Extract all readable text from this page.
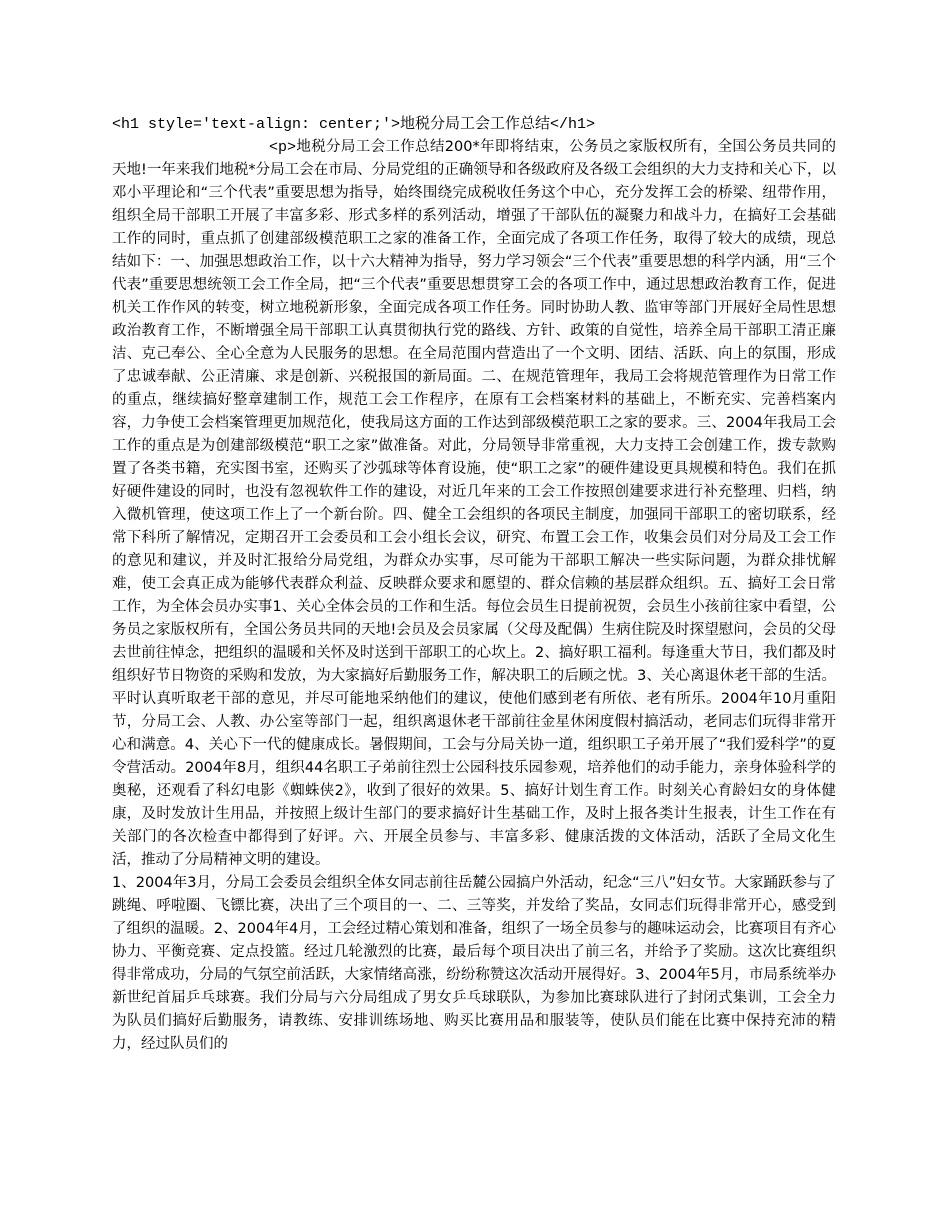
<h1 style='text-align: center;'>地税分局工会工作总结</h1>

<p>地税分局工会工作总结200*年即将结束，公务员之家版权所有，全国公务员共同的天地!一年来我们地税*分局工会在市局、分局党组的正确领导和各级政府及各级工会组织的大力支持和关心下，以邓小平理论和“三个代表”重要思想为指导，始终围绕完成税收任务这个中心，充分发挥工会的桥梁、纽带作用，组织全局干部职工开展了丰富多彩、形式多样的系列活动，增强了干部队伍的凝聚力和战斗力，在搞好工会基础工作的同时，重点抓了创建部级模范职工之家的准备工作，全面完成了各项工作任务，取得了较大的成绩，现总结如下：一、加强思想政治工作，以十六大精神为指导，努力学习领会“三个代表”重要思想的科学内涵，用“三个代表”重要思想统领工会工作全局，把“三个代表”重要思想贯穿工会的各项工作中，通过思想政治教育工作，促进机关工作作风的转变，树立地税新形象，全面完成各项工作任务。同时协助人教、监审等部门开展好全局性思想政治教育工作，不断增强全局干部职工认真贯彻执行党的路线、方针、政策的自觉性，培养全局干部职工清正廉洁、克己奉公、全心全意为人民服务的思想。在全局范围内营造出了一个文明、团结、活跃、向上的氛围，形成了忠诚奉献、公正清廉、求是创新、兴税报国的新局面。二、在规范管理年，我局工会将规范管理作为日常工作的重点，继续搞好整章建制工作，规范工会工作程序，在原有工会档案材料的基础上，不断充实、完善档案内容，力争使工会档案管理更加规范化，使我局这方面的工作达到部级模范职工之家的要求。三、2004年我局工会工作的重点是为创建部级模范“职工之家”做准备。对此，分局领导非常重视，大力支持工会创建工作，拨专款购置了各类书籍，充实图书室，还购买了沙弧球等体育设施，使“职工之家”的硬件建设更具规模和特色。我们在抓好硬件建设的同时，也没有忽视软件工作的建设，对近几年来的工会工作按照创建要求进行补充整理、归档，纳入微机管理，使这项工作上了一个新台阶。四、健全工会组织的各项民主制度，加强同干部职工的密切联系，经常下科所了解情况，定期召开工会委员和工会小组长会议，研究、布置工会工作，收集会员们对分局及工会工作的意见和建议，并及时汇报给分局党组，为群众办实事，尽可能为干部职工解决一些实际问题，为群众排忧解难，使工会真正成为能够代表群众利益、反映群众要求和愿望的、群众信赖的基层群众组织。五、搞好工会日常工作，为全体会员办实事1、关心全体会员的工作和生活。每位会员生日提前祝贺，会员生小孩前往家中看望，公务员之家版权所有，全国公务员共同的天地!会员及会员家属（父母及配偶）生病住院及时探望慰问，会员的父母去世前往悼念，把组织的温暖和关怀及时送到干部职工的心坎上。2、搞好职工福利。每逢重大节日，我们都及时组织好节日物资的采购和发放，为大家搞好后勤服务工作，解决职工的后顾之忧。3、关心离退休老干部的生活。平时认真听取老干部的意见，并尽可能地采纳他们的建议，使他们感到老有所依、老有所乐。2004年10月重阳节，分局工会、人教、办公室等部门一起，组织离退休老干部前往金星休闲度假村搞活动，老同志们玩得非常开心和满意。4、关心下一代的健康成长。暑假期间，工会与分局关协一道，组织职工子弟开展了“我们爱科学”的夏令营活动。2004年8月，组织44名职工子弟前往烈士公园科技乐园参观，培养他们的动手能力，亲身体验科学的奥秘，还观看了科幻电影《蜘蛛侠2》，收到了很好的效果。5、搞好计划生育工作。时刻关心育龄妇女的身体健康，及时发放计生用品，并按照上级计生部门的要求搞好计生基础工作，及时上报各类计生报表，计生工作在有关部门的各次检查中都得到了好评。六、开展全员参与、丰富多彩、健康活拨的文体活动，活跃了全局文化生活，推动了分局精神文明的建设。

1、2004年3月，分局工会委员会组织全体女同志前往岳麓公园搞户外活动，纪念“三八”妇女节。大家踊跃参与了跳绳、呼啦圈、飞镖比赛，决出了三个项目的一、二、三等奖，并发给了奖品，女同志们玩得非常开心，感受到了组织的温暖。2、2004年4月，工会经过精心策划和准备，组织了一场全员参与的趣味运动会，比赛项目有齐心协力、平衡竞赛、定点投篮。经过几轮激烈的比赛，最后每个项目决出了前三名，并给予了奖励。这次比赛组织得非常成功，分局的气氛空前活跃，大家情绪高涨，纷纷称赞这次活动开展得好。3、2004年5月，市局系统举办新世纪首届乒乓球赛。我们分局与六分局组成了男女乒乓球联队，为参加比赛球队进行了封闭式集训，工会全力为队员们搞好后勤服务，请教练、安排训练场地、购买比赛用品和服装等，使队员们能在比赛中保持充沛的精力，经过队员们的
